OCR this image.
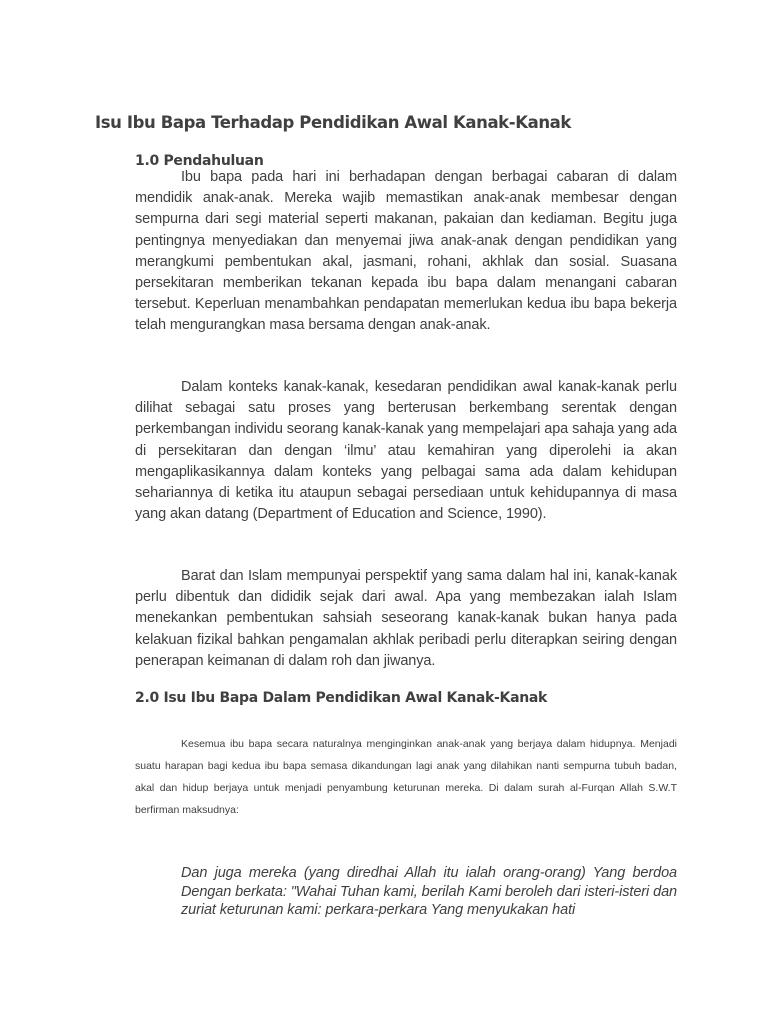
Isu Ibu Bapa Terhadap Pendidikan Awal Kanak-Kanak
1.0 Pendahuluan

Ibu bapa pada hari ini berhadapan dengan berbagai cabaran di dalam mendidik anak-anak. Mereka wajib memastikan anak-anak membesar dengan sempurna dari segi material seperti makanan, pakaian dan kediaman. Begitu juga pentingnya menyediakan dan menyemai jiwa anak-anak dengan pendidikan yang merangkumi pembentukan akal, jasmani, rohani, akhlak dan sosial. Suasana persekitaran memberikan tekanan kepada ibu bapa dalam menangani cabaran tersebut. Keperluan menambahkan pendapatan memerlukan kedua ibu bapa bekerja telah mengurangkan masa bersama dengan anak-anak.

Dalam konteks kanak-kanak, kesedaran pendidikan awal kanak-kanak perlu dilihat sebagai satu proses yang berterusan berkembang serentak dengan perkembangan individu seorang kanak-kanak yang mempelajari apa sahaja yang ada di persekitaran dan dengan ‘ilmu’ atau kemahiran yang diperolehi ia akan mengaplikasikannya dalam konteks yang pelbagai sama ada dalam kehidupan sehariannya di ketika itu ataupun sebagai persediaan untuk kehidupannya di masa yang akan datang (Department of Education and Science, 1990).

Barat dan Islam mempunyai perspektif yang sama dalam hal ini, kanak-kanak perlu dibentuk dan dididik sejak dari awal. Apa yang membezakan ialah Islam menekankan pembentukan sahsiah seseorang kanak-kanak bukan hanya pada kelakuan fizikal bahkan pengamalan akhlak peribadi perlu diterapkan seiring dengan penerapan keimanan di dalam roh dan jiwanya.

2.0 Isu Ibu Bapa Dalam Pendidikan Awal Kanak-Kanak

Kesemua ibu bapa secara naturalnya menginginkan anak-anak yang berjaya dalam hidupnya. Menjadi suatu harapan bagi kedua ibu bapa semasa dikandungan lagi anak yang dilahikan nanti sempurna tubuh badan, akal dan hidup berjaya untuk menjadi penyambung keturunan mereka. Di dalam surah al-Furqan Allah S.W.T berfirman maksudnya:

Dan juga mereka (yang diredhai Allah itu ialah orang-orang) Yang berdoa Dengan berkata: "Wahai Tuhan kami, berilah Kami beroleh dari isteri-isteri dan zuriat keturunan kami: perkara-perkara Yang menyukakan hati
